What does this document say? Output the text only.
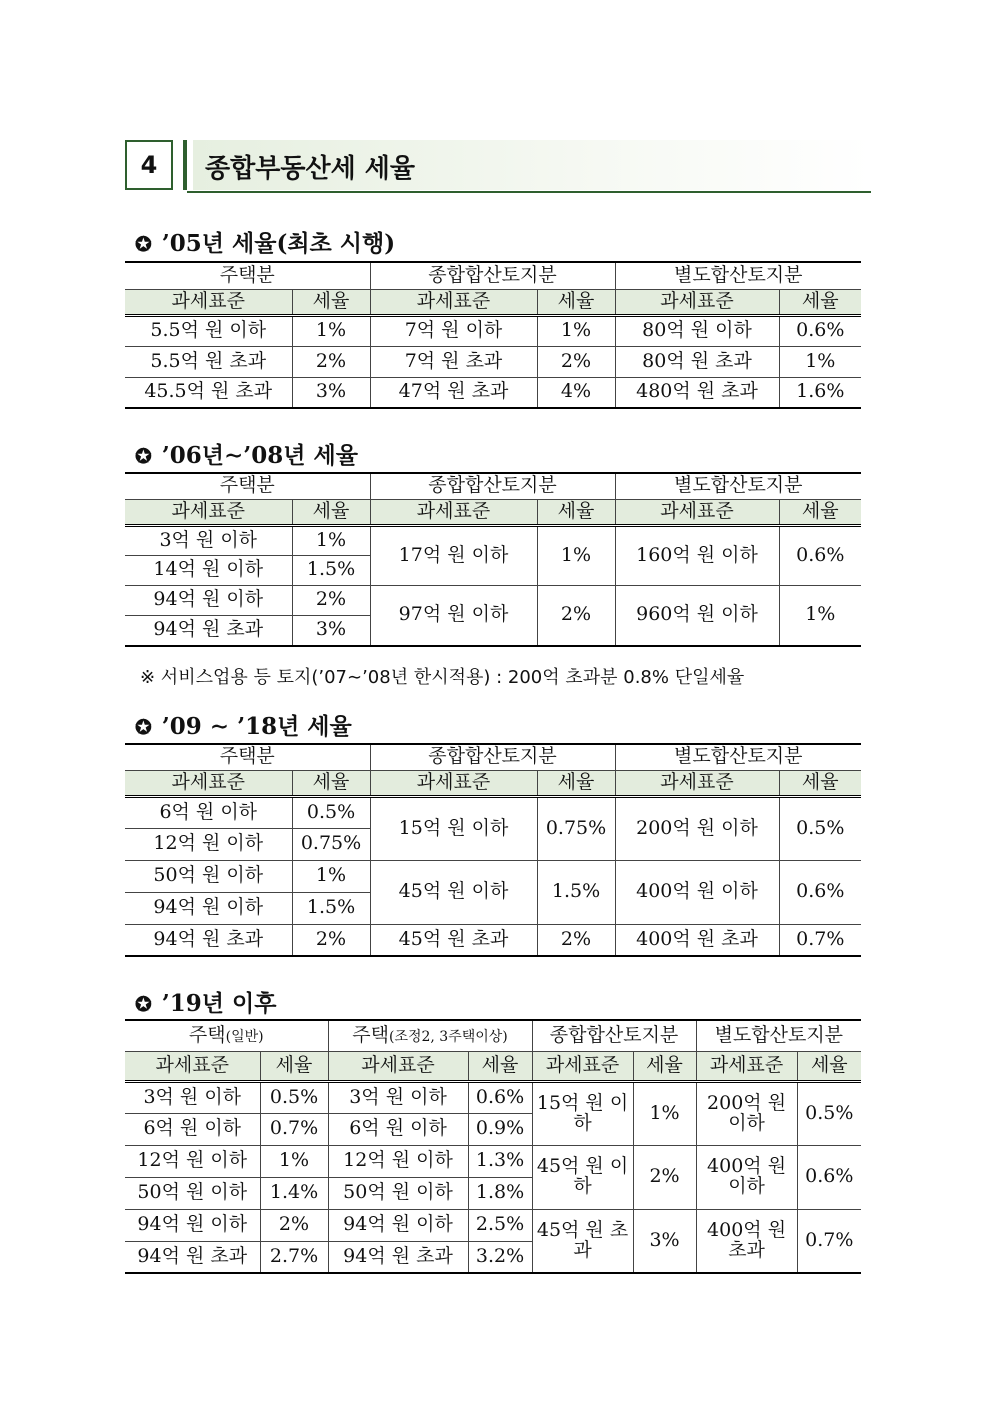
4	종합부동산세 세율
✪ ’05년 세율(최초 시행)
주택분		종합합산토지분		별도합산토지분	
과세표준	세율	과세표준	세율	과세표준	세율
5.5억 원 이하	1%	7억 원 이하	1%	80억 원 이하	0.6%
5.5억 원 초과	2%	7억 원 초과	2%	80억 원 초과	1%
45.5억 원 초과	3%	47억 원 초과	4%	480억 원 초과	1.6%
✪ ’06년∼’08년 세율
주택분		종합합산토지분		별도합산토지분	
과세표준	세율	과세표준	세율	과세표준	세율
3억 원 이하	1%	17억 원 이하	1%	160억 원 이하	0.6%
14억 원 이하	1.5%				
94억 원 이하	2%	97억 원 이하	2%	960억 원 이하	1%
94억 원 초과	3%				

※ 서비스업용 등 토지(’07∼’08년 한시적용) : 200억 초과분 0.8% 단일세율
✪ ’09 ∼ ’18년 세율
주택분		종합합산토지분		별도합산토지분	
과세표준	세율	과세표준	세율	과세표준	세율
6억 원 이하	0.5%	15억 원 이하	0.75%	200억 원 이하	0.5%
12억 원 이하	0.75%				
50억 원 이하	1%	45억 원 이하	1.5%	400억 원 이하	0.6%
94억 원 이하	1.5%				
94억 원 초과	2%	45억 원 초과	2%	400억 원 초과	0.7%
✪ ’19년 이후
주택(일반)		주택(조정2, 3주택이상)		종합합산토지분		별도합산토지분	
과세표준	세율	과세표준	세율	과세표준	세율	과세표준	세율
3억 원 이하	0.5%	3억 원 이하	0.6%	15억 원 이하	1%	200억 원 이하	0.5%
6억 원 이하	0.7%	6억 원 이하	0.9%				
12억 원 이하	1%	12억 원 이하	1.3%	45억 원 이하	2%	400억 원 이하	0.6%
50억 원 이하	1.4%	50억 원 이하	1.8%				
94억 원 이하	2%	94억 원 이하	2.5%	45억 원 초과	3%	400억 원 초과	0.7%
94억 원 초과	2.7%	94억 원 초과	3.2%				
